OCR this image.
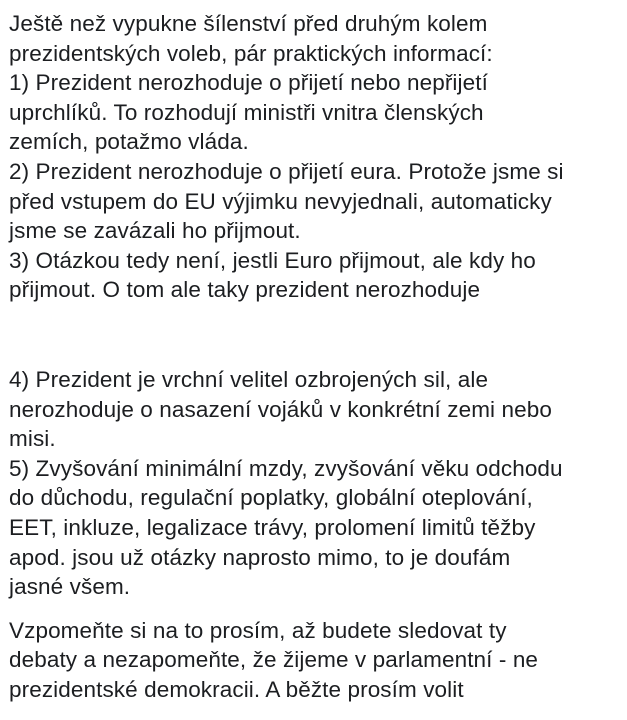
Ještě než vypukne šílenství před druhým kolem
prezidentských voleb, pár praktických informací:
1) Prezident nerozhoduje o přijetí nebo nepřijetí
uprchlíků. To rozhodují ministři vnitra členských
zemích, potažmo vláda.
2) Prezident nerozhoduje o přijetí eura. Protože jsme si
před vstupem do EU výjimku nevyjednali, automaticky
jsme se zavázali ho přijmout.
3) Otázkou tedy není, jestli Euro přijmout, ale kdy ho
přijmout. O tom ale taky prezident nerozhoduje
4) Prezident je vrchní velitel ozbrojených sil, ale
nerozhoduje o nasazení vojáků v konkrétní zemi nebo
misi.
5) Zvyšování minimální mzdy, zvyšování věku odchodu
do důchodu, regulační poplatky, globální oteplování,
EET, inkluze, legalizace trávy, prolomení limitů těžby
apod. jsou už otázky naprosto mimo, to je doufám
jasné všem.
Vzpomeňte si na to prosím, až budete sledovat ty
debaty a nezapomeňte, že žijeme v parlamentní - ne
prezidentské demokracii. A běžte prosím volit
